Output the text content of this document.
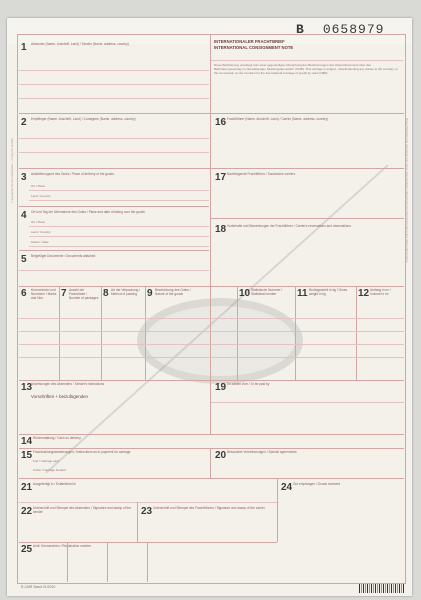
B 0658979
1 Exemplar für den Absender — Copy for sender	Diese Beförderung unterliegt trotz einer gegenteiligen Abmachung den Bestimmungen des Übereinkommens
1 Absender (Name, Anschrift, Land) / Sender (Name, address, country)	INTERNATIONALER FRACHTBRIEF
INTERNATIONAL CONSIGNMENT NOTE
Diese Beförderung unterliegt trotz einer gegenteiligen Abmachung den Bestimmungen des Übereinkommens über den Beförderungsvertrag im internationalen Straßengüterverkehr (CMR). This carriage is subject, notwithstanding any clause to the contrary, to the Convention on the Contract for the International Carriage of goods by road (CMR).
2 Empfänger (Name, Anschrift, Land) / Consignee (Name, address, country)	16 Frachtführer (Name, Anschrift, Land) / Carrier (Name, address, country)
3 Auslieferungsort des Gutes / Place of delivery of the goods
Ort / Place
Land / Country
17 Nachfolgende Frachtführer / Successive carriers
4 Ort und Tag der Übernahme des Gutes / Place and date of taking over the goods
Ort / Place
Land / Country
Datum / Date
18 Vorbehalte und Bemerkungen der Frachtführer / Carrier's reservations and observations
5 Beigefügte Dokumente / Documents attached
6 Kennzeichen und Nummern / Marks and Nos	7 Anzahl der Packstücke / Number of packages 8 Art der Verpackung / Method of packing 9 Bezeichnung des Gutes / Nature of the goods	10 Statistische Nummer / Statistical number	11 Bruttogewicht in kg / Gross weight in kg	12 Umfang in m³ / Volume in m³
13
Anweisungen des Absenders / Sender's instructions
Vorschriften + beizufügenden
19 Zu zahlen vom / To be paid by
14 Rückerstattung / Cash on delivery
15 Frachtzahlungsanweisungen / Instructions as to payment for carriage
Frei / Carriage paid
Unfrei / Carriage forward
20 Besondere Vereinbarungen / Special agreements
21 Ausgefertigt in / Established in	24 Gut empfangen / Goods received
22 Unterschrift und Stempel des Absenders / Signature and stamp of the sender	23 Unterschrift und Stempel des Frachtführers / Signature and stamp of the carrier
25 Amtl. Kennzeichen / Registration number
R-CMR Stand 01/2010
